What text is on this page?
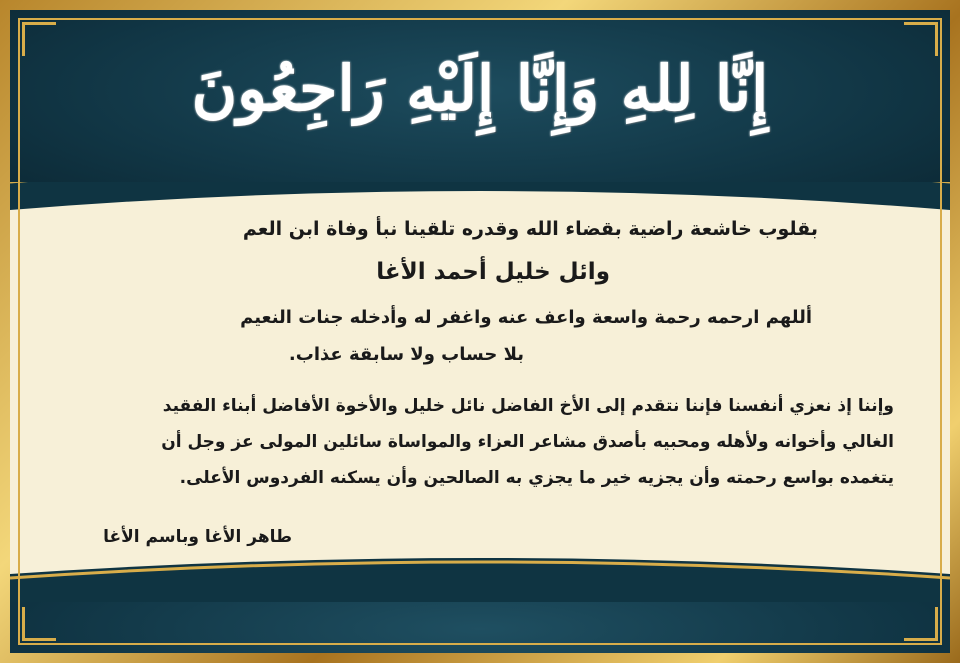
إِنَّا لِلهِ وَإِنَّا إِلَيْهِ رَاجِعُونَ
بقلوب خاشعة راضية بقضاء الله وقدره تلقينا نبأ وفاة ابن العم
وائل خليل أحمد الأغا
أللهم ارحمه رحمة واسعة واعف عنه واغفر له وأدخله جنات النعيم
بلا حساب ولا سابقة عذاب.
وإننا إذ نعزي أنفسنا فإننا نتقدم إلى الأخ الفاضل نائل خليل والأخوة الأفاضل أبناء الفقيد
الغالي وأخوانه ولأهله ومحبيه بأصدق مشاعر العزاء والمواساة سائلين المولى عز وجل أن
يتغمده بواسع رحمته وأن يجزيه خير ما يجزي به الصالحين وأن يسكنه الفردوس الأعلى.
طاهر الأغا وباسم الأغا
